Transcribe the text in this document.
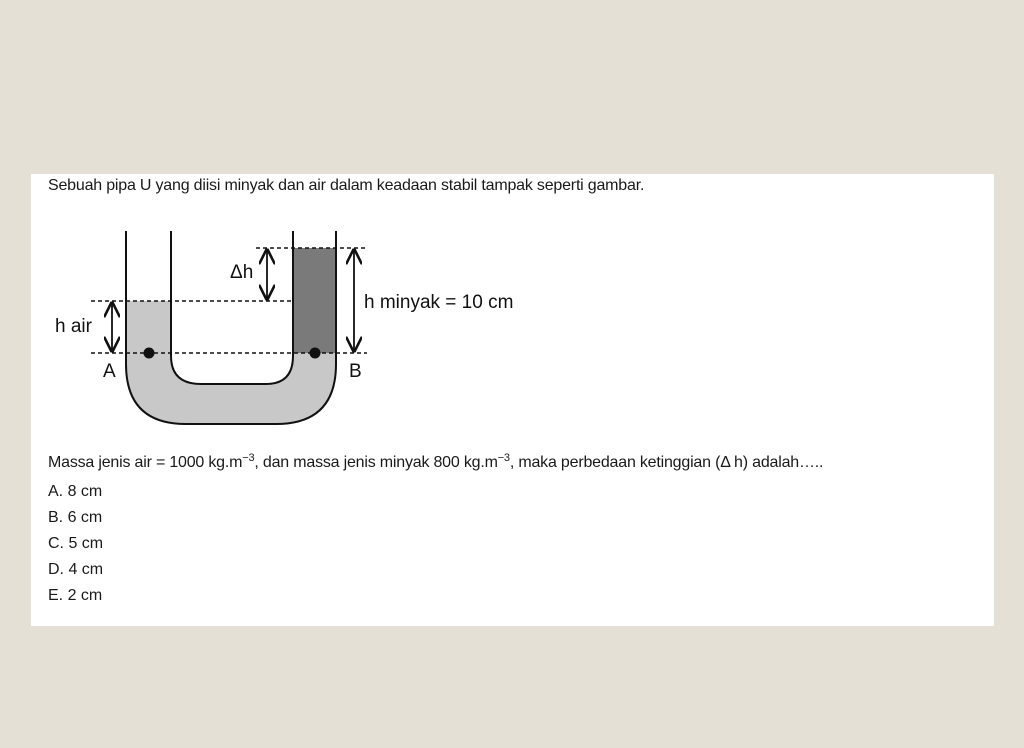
Sebuah pipa U yang diisi minyak dan air dalam keadaan stabil tampak seperti gambar.
Δh
h air
h minyak = 10 cm
A	B
Massa jenis air = 1000 $kg.m^{-3}$, dan massa jenis minyak 800 $kg.m^{-3}$, maka perbedaan ketinggian (Δ h) adalah…..
A. 8 cm
B. 6 cm
C. 5 cm
D. 4 cm
E. 2 cm
